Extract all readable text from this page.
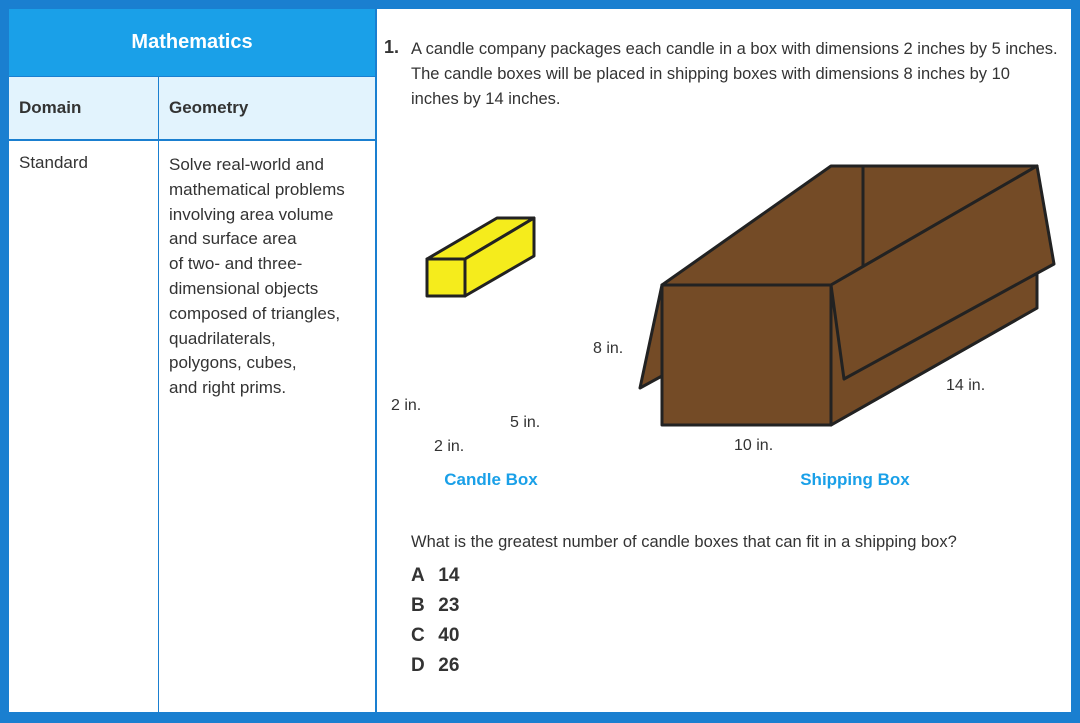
Mathematics
Domain	Geometry
Standard	Solve real-world and
mathematical problems
involving area volume
and surface area
of two- and three-
dimensional objects
composed of triangles,
quadrilaterals,
polygons, cubes,
and right prims.
1. A candle company packages each candle in a box with dimensions 2 inches by 5 inches. The candle boxes will be placed in shipping boxes with dimensions 8 inches by 10 inches by 14 inches.
2 in.
5 in.
2 in.
Candle Box
8 in.
14 in.
10 in.
Shipping Box
What is the greatest number of candle boxes that can fit in a shipping box?
A 14
B 23
C 40
D 26
